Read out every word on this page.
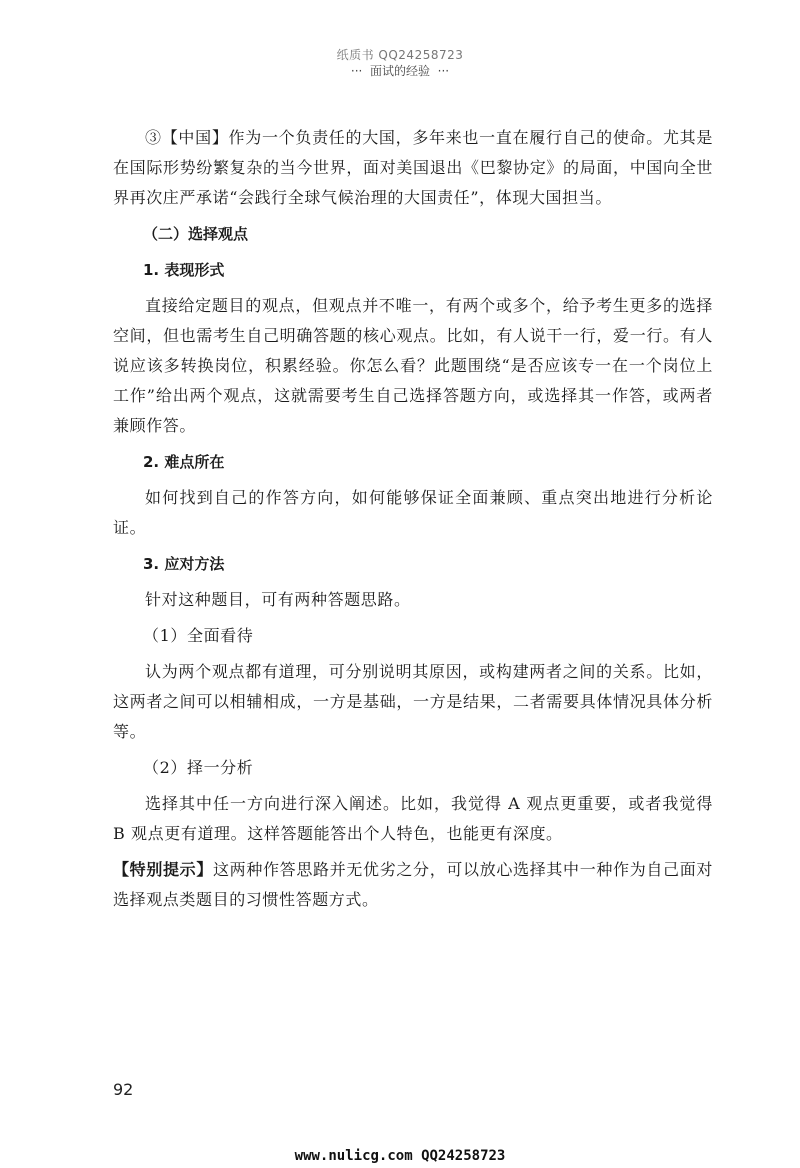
纸质书 QQ24258723
···  面试的经验  ···

③【中国】作为一个负责任的大国，多年来也一直在履行自己的使命。尤其是在国际形势纷繁复杂的当今世界，面对美国退出《巴黎协定》的局面，中国向全世界再次庄严承诺“会践行全球气候治理的大国责任”，体现大国担当。

（二）选择观点
1. 表现形式

直接给定题目的观点，但观点并不唯一，有两个或多个，给予考生更多的选择空间，但也需考生自己明确答题的核心观点。比如，有人说干一行，爱一行。有人说应该多转换岗位，积累经验。你怎么看？此题围绕“是否应该专一在一个岗位上工作”给出两个观点，这就需要考生自己选择答题方向，或选择其一作答，或两者兼顾作答。

2. 难点所在

如何找到自己的作答方向，如何能够保证全面兼顾、重点突出地进行分析论证。

3. 应对方法

针对这种题目，可有两种答题思路。

（1）全面看待

认为两个观点都有道理，可分别说明其原因，或构建两者之间的关系。比如，这两者之间可以相辅相成，一方是基础，一方是结果，二者需要具体情况具体分析等。

（2）择一分析

选择其中任一方向进行深入阐述。比如，我觉得 A 观点更重要，或者我觉得 B 观点更有道理。这样答题能答出个人特色，也能更有深度。

【特别提示】这两种作答思路并无优劣之分，可以放心选择其中一种作为自己面对选择观点类题目的习惯性答题方式。

92
www.nulicg.com QQ24258723
